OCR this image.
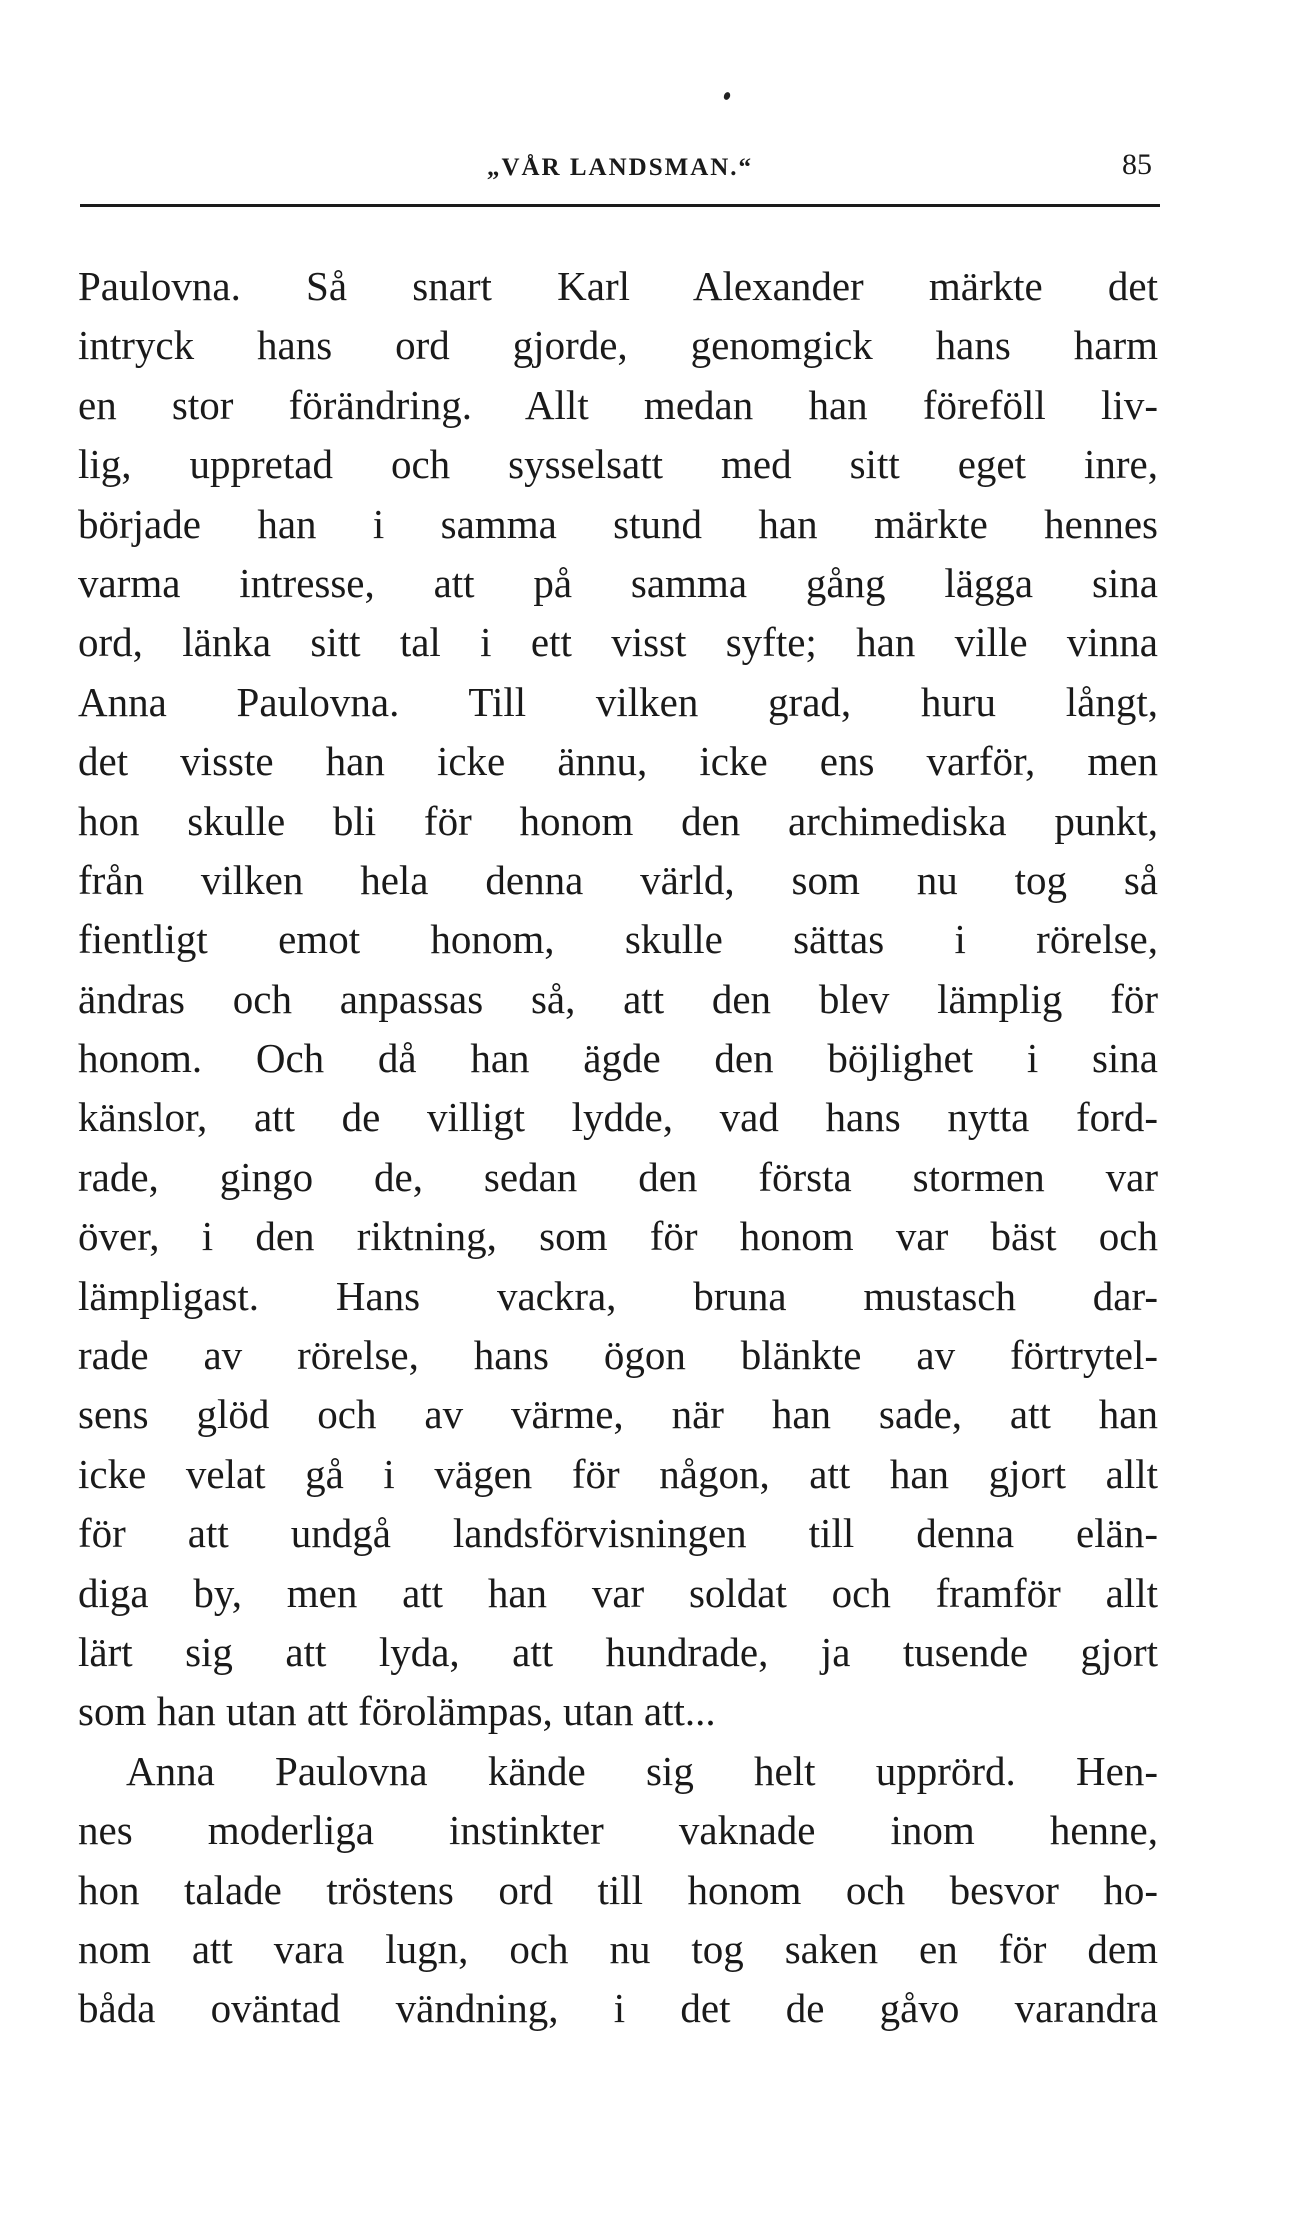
„VÅR LANDSMAN.“	85
Paulovna. Så snart Karl Alexander märkte det
intryck hans ord gjorde, genomgick hans harm
en stor förändring. Allt medan han föreföll liv-
lig, uppretad och sysselsatt med sitt eget inre,
började han i samma stund han märkte hennes
varma intresse, att på samma gång lägga sina
ord, länka sitt tal i ett visst syfte; han ville vinna
Anna Paulovna. Till vilken grad, huru långt,
det visste han icke ännu, icke ens varför, men
hon skulle bli för honom den archimediska punkt,
från vilken hela denna värld, som nu tog så
fientligt emot honom, skulle sättas i rörelse,
ändras och anpassas så, att den blev lämplig för
honom. Och då han ägde den böjlighet i sina
känslor, att de villigt lydde, vad hans nytta ford-
rade, gingo de, sedan den första stormen var
över, i den riktning, som för honom var bäst och
lämpligast. Hans vackra, bruna mustasch dar-
rade av rörelse, hans ögon blänkte av förtrytel-
sens glöd och av värme, när han sade, att han
icke velat gå i vägen för någon, att han gjort allt
för att undgå landsförvisningen till denna elän-
diga by, men att han var soldat och framför allt
lärt sig att lyda, att hundrade, ja tusende gjort
som han utan att förolämpas, utan att...
Anna Paulovna kände sig helt upprörd. Hen-
nes moderliga instinkter vaknade inom henne,
hon talade tröstens ord till honom och besvor ho-
nom att vara lugn, och nu tog saken en för dem
båda oväntad vändning, i det de gåvo varandra
